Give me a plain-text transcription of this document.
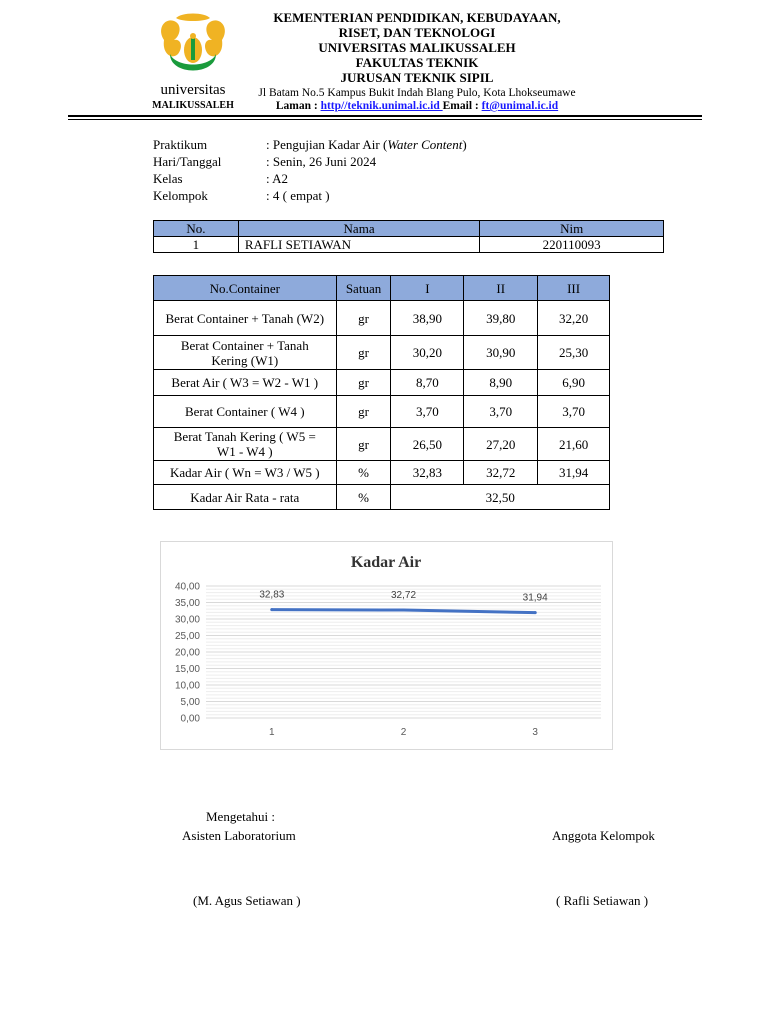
universitas
MALIKUSSALEH
KEMENTERIAN PENDIDIKAN, KEBUDAYAAN,
RISET, DAN TEKNOLOGI
UNIVERSITAS MALIKUSSALEH
FAKULTAS TEKNIK
JURUSAN TEKNIK SIPIL
Jl Batam No.5 Kampus Bukit Indah Blang Pulo, Kota Lhokseumawe
Laman : http//teknik.unimal.ic.id Email : ft@unimal.ic.id
Praktikum	: Pengujian Kadar Air (Water Content)
Hari/Tanggal	: Senin, 26 Juni 2024
Kelas	: A2
Kelompok	: 4 ( empat )
No.	Nama	Nim
1	RAFLI SETIAWAN	220110093
No.Container	Satuan	I	II	III
Berat Container + Tanah (W2)	gr	38,90	39,80	32,20
Berat Container + Tanah Kering (W1)	gr	30,20	30,90	25,30
Berat Air ( W3 = W2 - W1 )	gr	8,70	8,90	6,90
Berat Container ( W4 )	gr	3,70	3,70	3,70
Berat Tanah Kering ( W5 = W1 - W4 )	gr	26,50	27,20	21,60
Kadar Air ( Wn = W3 / W5 )	%	32,83	32,72	31,94
Kadar Air Rata - rata	%	32,50		
Kadar Air
0,00
5,00
10,00
15,00
20,00
25,00
30,00
35,00
40,00
1	2	3
32,83	32,72	31,94
Mengetahui :
Asisten Laboratorium	Anggota Kelompok
(M. Agus Setiawan )	( Rafli Setiawan )
